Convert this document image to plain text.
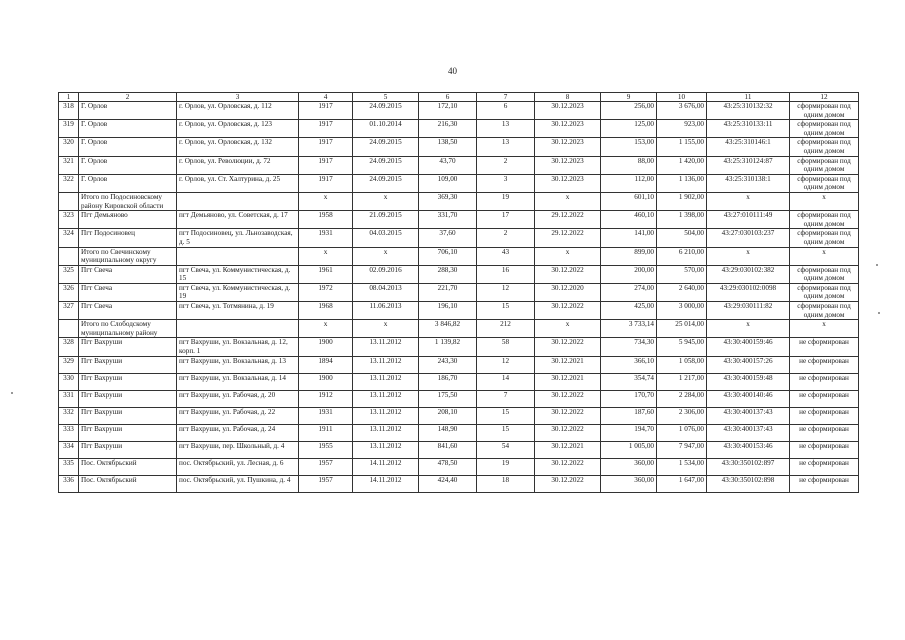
40
1	2	3	4	5	6	7	8	9	10	11	12
318	Г. Орлов	г. Орлов, ул. Орловская, д. 112	1917	24.09.2015	172,10	6	30.12.2023	256,00	3 676,00	43:25:310132:32	сформирован под одним домом
319	Г. Орлов	г. Орлов, ул. Орловская, д. 123	1917	01.10.2014	216,30	13	30.12.2023	125,00	923,00	43:25:310133:11	сформирован под одним домом
320	Г. Орлов	г. Орлов, ул. Орловская, д. 132	1917	24.09.2015	138,50	13	30.12.2023	153,00	1 155,00	43:25:310146:1	сформирован под одним домом
321	Г. Орлов	г. Орлов, ул. Революции, д. 72	1917	24.09.2015	43,70	2	30.12.2023	88,00	1 420,00	43:25:310124:87	сформирован под одним домом
322	Г. Орлов	г. Орлов, ул. Ст. Халтурина, д. 25	1917	24.09.2015	109,00	3	30.12.2023	112,00	1 136,00	43:25:310138:1	сформирован под одним домом
	Итого по Подосиновскому району Кировской области		x	x	369,30	19	x	601,10	1 902,00	x	x
323	Пгт Демьяново	пгт Демьяново, ул. Советская, д. 17	1958	21.09.2015	331,70	17	29.12.2022	460,10	1 398,00	43:27:010111:49	сформирован под одним домом
324	Пгт Подосиновец	пгт Подосиновец, ул. Льнозаводская, д. 5	1931	04.03.2015	37,60	2	29.12.2022	141,00	504,00	43:27:030103:237	сформирован под одним домом
	Итого по Свечинскому муниципальному округу		x	x	706,10	43	x	899,00	6 210,00	x	x
325	Пгт Свеча	пгт Свеча, ул. Коммунистическая, д. 15	1961	02.09.2016	288,30	16	30.12.2022	200,00	570,00	43:29:030102:382	сформирован под одним домом
326	Пгт Свеча	пгт Свеча, ул. Коммунистическая, д. 19	1972	08.04.2013	221,70	12	30.12.2020	274,00	2 640,00	43:29:030102:0098	сформирован под одним домом
327	Пгт Свеча	пгт Свеча, ул. Тотмянина, д. 19	1968	11.06.2013	196,10	15	30.12.2022	425,00	3 000,00	43:29:030111:82	сформирован под одним домом
	Итого по Слободскому муниципальному району		x	x	3 846,82	212	x	3 733,14	25 014,00	x	x
328	Пгт Вахруши	пгт Вахруши, ул. Вокзальная, д. 12, корп. 1	1900	13.11.2012	1 139,82	58	30.12.2022	734,30	5 945,00	43:30:400159:46	не сформирован
329	Пгт Вахруши	пгт Вахруши, ул. Вокзальная, д. 13	1894	13.11.2012	243,30	12	30.12.2021	366,10	1 058,00	43:30:400157:26	не сформирован
330	Пгт Вахруши	пгт Вахруши, ул. Вокзальная, д. 14	1900	13.11.2012	186,70	14	30.12.2021	354,74	1 217,00	43:30:400159:48	не сформирован
331	Пгт Вахруши	пгт Вахруши, ул. Рабочая, д. 20	1912	13.11.2012	175,50	7	30.12.2022	170,70	2 284,00	43:30:400140:46	не сформирован
332	Пгт Вахруши	пгт Вахруши, ул. Рабочая, д. 22	1931	13.11.2012	208,10	15	30.12.2022	187,60	2 306,00	43:30:400137:43	не сформирован
333	Пгт Вахруши	пгт Вахруши, ул. Рабочая, д. 24	1911	13.11.2012	148,90	15	30.12.2022	194,70	1 076,00	43:30:400137:43	не сформирован
334	Пгт Вахруши	пгт Вахруши, пер. Школьный, д. 4	1955	13.11.2012	841,60	54	30.12.2021	1 005,00	7 947,00	43:30:400153:46	не сформирован
335	Пос. Октябрьский	пос. Октябрьский, ул. Лесная, д. 6	1957	14.11.2012	478,50	19	30.12.2022	360,00	1 534,00	43:30:350102:897	не сформирован
336	Пос. Октябрьский	пос. Октябрьский, ул. Пушкина, д. 4	1957	14.11.2012	424,40	18	30.12.2022	360,00	1 647,00	43:30:350102:898	не сформирован
